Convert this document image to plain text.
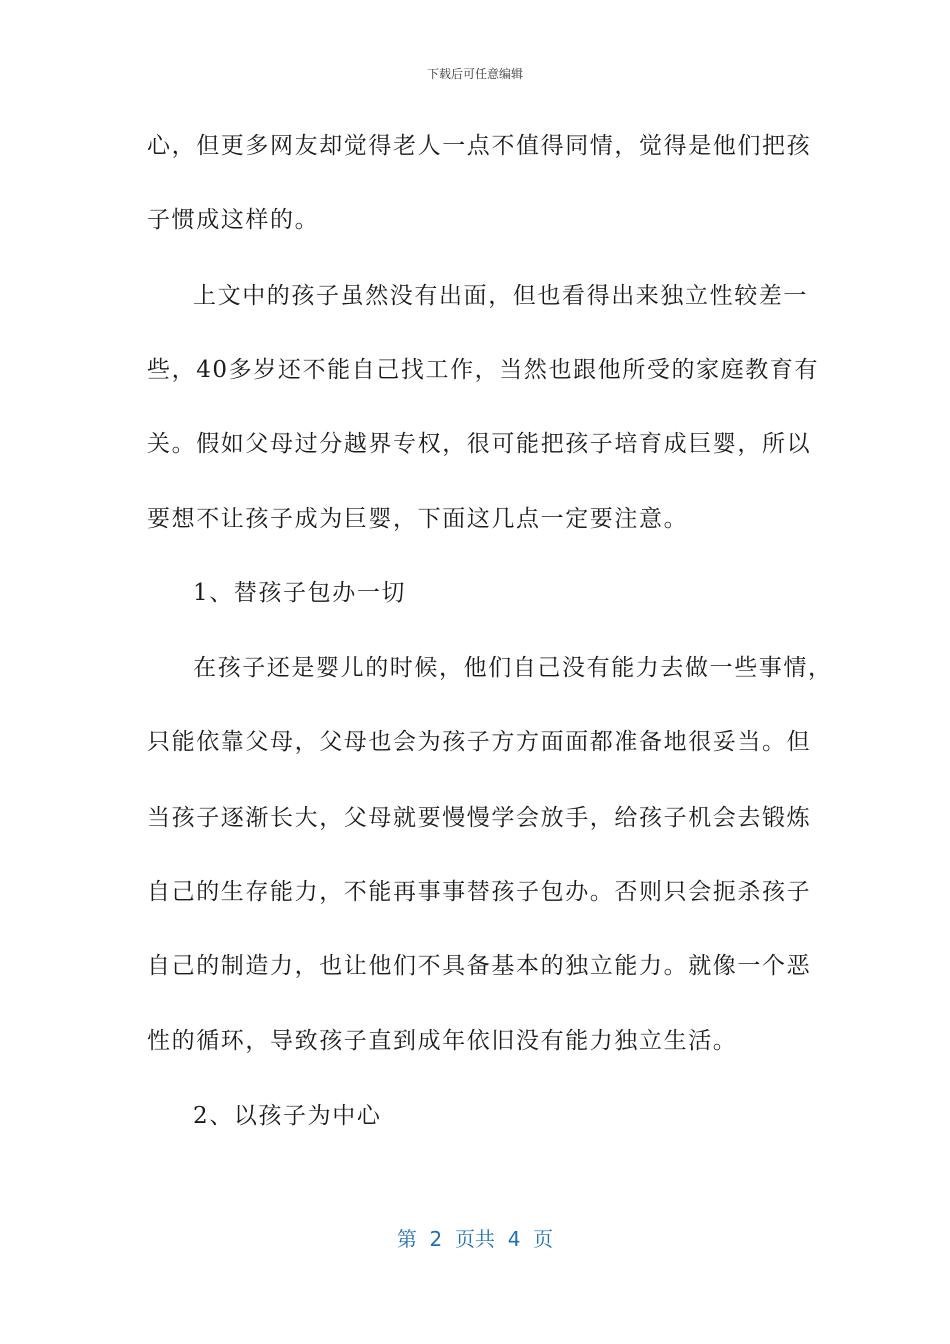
下载后可任意编辑
心，但更多网友却觉得老人一点不值得同情，觉得是他们把孩
子惯成这样的。
上文中的孩子虽然没有出面，但也看得出来独立性较差一
些，40多岁还不能自己找工作，当然也跟他所受的家庭教育有
关。假如父母过分越界专权，很可能把孩子培育成巨婴，所以
要想不让孩子成为巨婴，下面这几点一定要注意。
1、替孩子包办一切
在孩子还是婴儿的时候，他们自己没有能力去做一些事情，
只能依靠父母，父母也会为孩子方方面面都准备地很妥当。但
当孩子逐渐长大，父母就要慢慢学会放手，给孩子机会去锻炼
自己的生存能力，不能再事事替孩子包办。否则只会扼杀孩子
自己的制造力，也让他们不具备基本的独立能力。就像一个恶
性的循环，导致孩子直到成年依旧没有能力独立生活。
2、以孩子为中心
第  2  页共  4  页
